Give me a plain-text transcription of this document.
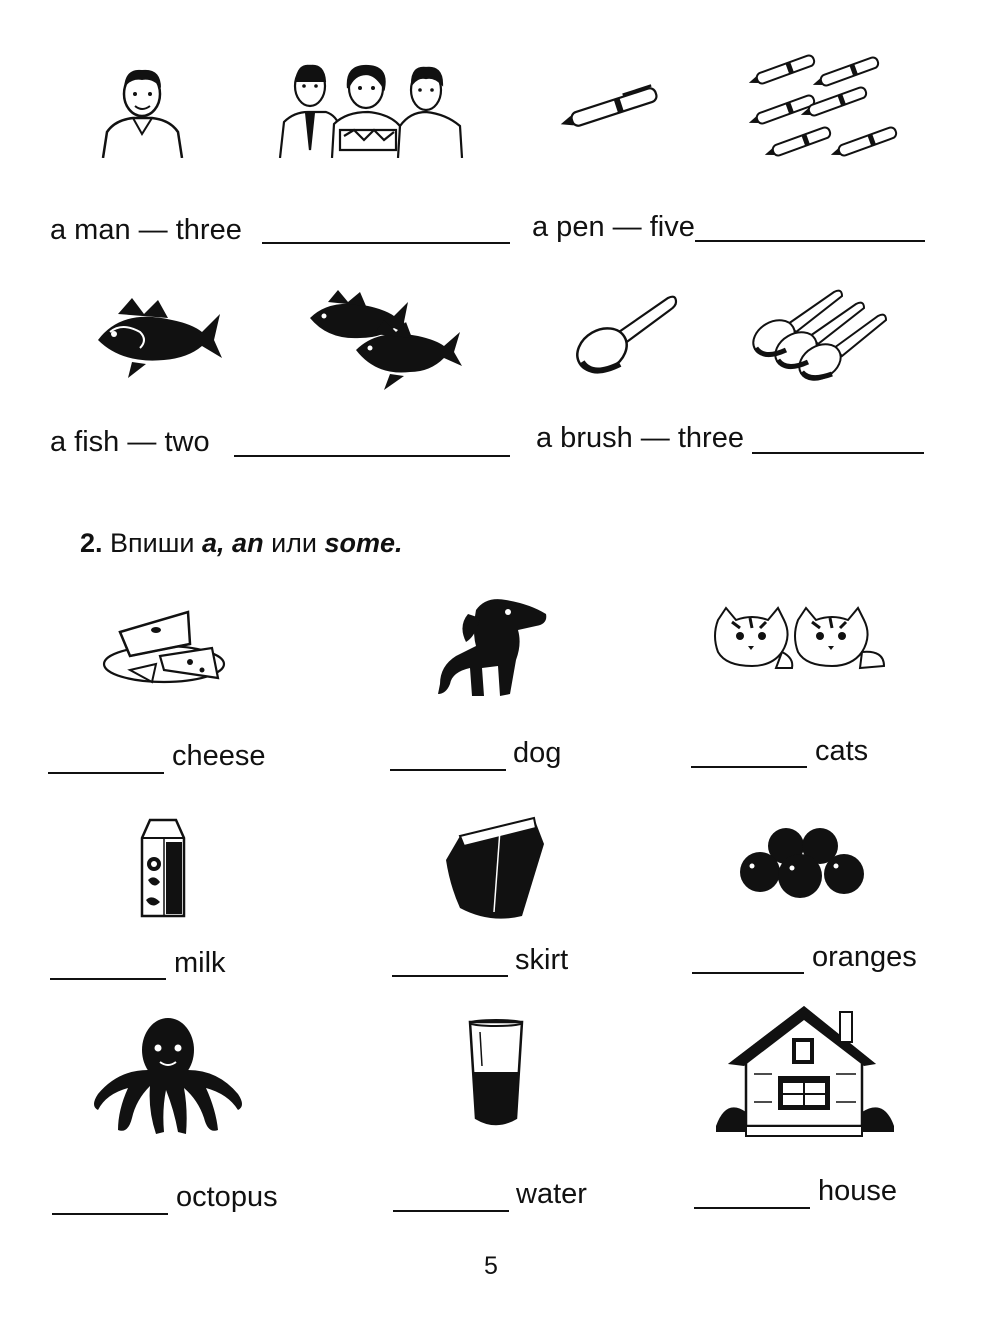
a man — three	a pen — five
a fish — two	a brush — three
2. Впиши a, an или some.
cheese	dog	cats
milk	skirt	oranges
octopus	water	house
5
